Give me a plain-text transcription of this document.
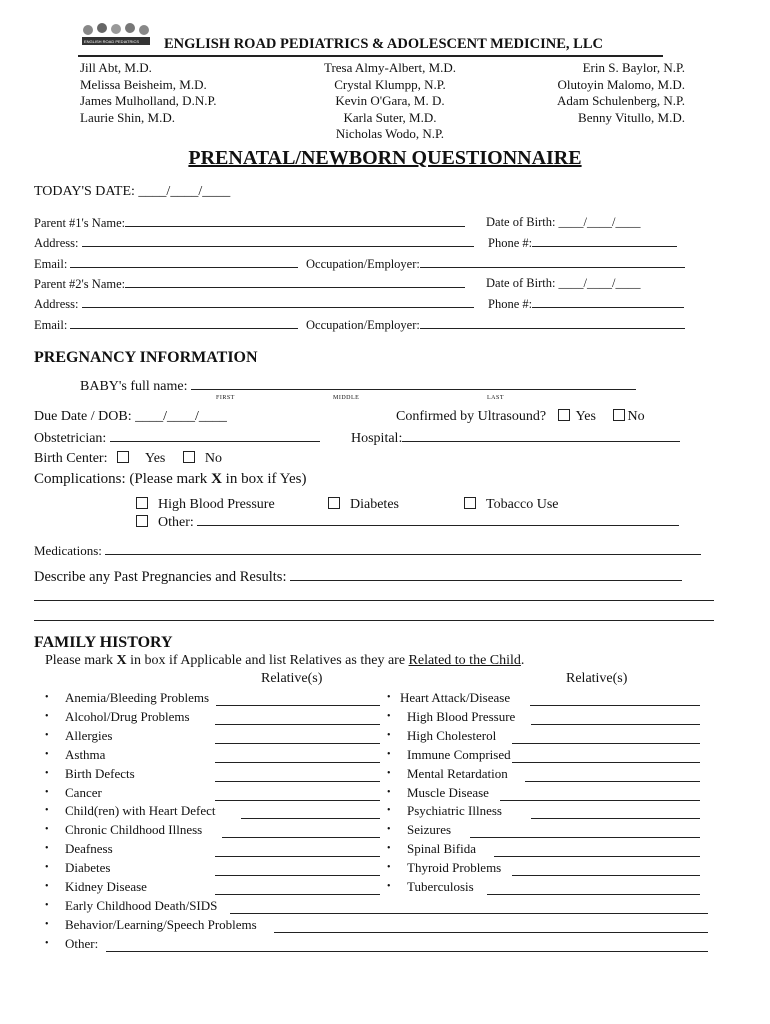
ENGLISH ROAD PEDIATRICS ENGLISH ROAD PEDIATRICS & ADOLESCENT MEDICINE, LLC
Jill Abt, M.D.
Melissa Beisheim, M.D.
James Mulholland, D.N.P.
Laurie Shin, M.D.
Tresa Almy-Albert, M.D.
Crystal Klumpp, N.P.
Kevin O'Gara, M. D.
Karla Suter, M.D.
Nicholas Wodo, N.P.
Erin S. Baylor, N.P.
Olutoyin Malomo, M.D.
Adam Schulenberg, N.P.
Benny Vitullo, M.D.
PRENATAL/NEWBORN QUESTIONNAIRE
TODAY'S DATE: ____/____/____
Parent #1's Name:	Date of Birth: ____/____/____
Address:	Phone #:
Email:	Occupation/Employer:
Parent #2's Name:	Date of Birth: ____/____/____
Address:	Phone #:
Email:	Occupation/Employer:
PREGNANCY INFORMATION
BABY's full name:
FIRST	MIDDLE	LAST
Due Date / DOB: ____/____/____	Confirmed by Ultrasound? Yes No
Obstetrician:	Hospital:
Birth Center:	Yes	No
Complications: (Please mark X in box if Yes)
High Blood Pressure	Diabetes	Tobacco Use
Other:
Medications:
Describe any Past Pregnancies and Results:
FAMILY HISTORY
Please mark X in box if Applicable and list Relatives as they are Related to the Child.
Relative(s)	Relative(s)
• Anemia/Bleeding Problems
• Alcohol/Drug Problems
• Allergies
• Asthma
• Birth Defects
• Cancer
• Child(ren) with Heart Defect
• Chronic Childhood Illness
• Deafness
• Diabetes
• Kidney Disease
• Heart Attack/Disease
• High Blood Pressure
• High Cholesterol
• Immune Comprised
• Mental Retardation
• Muscle Disease
• Psychiatric Illness
• Seizures
• Spinal Bifida
• Thyroid Problems
• Tuberculosis
• Early Childhood Death/SIDS
• Behavior/Learning/Speech Problems
• Other:
